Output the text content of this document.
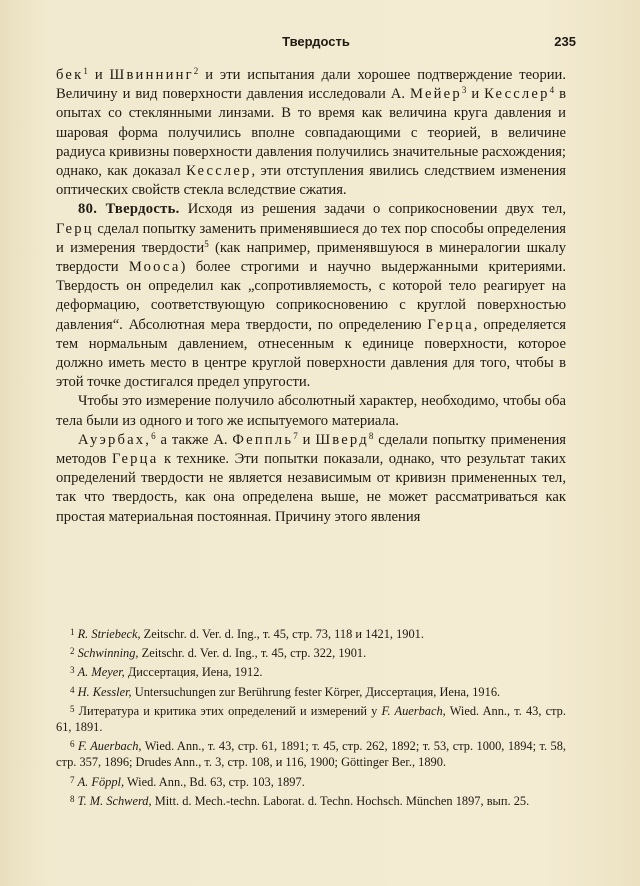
Твердость	235

бек$^1$ и Швиннинг$^2$ и эти испытания дали хорошее подтверждение теории. Величину и вид поверхности давления исследовали А. Мейер$^3$ и Кесслер$^4$ в опытах со стеклянными линзами. В то время как величина круга давления и шаровая форма получились вполне совпадающими с теорией, в величине радиуса кривизны поверхности давления получились значительные расхождения; однако, как доказал Кесслер, эти отступления явились следствием изменения оптических свойств стекла вследствие сжатия.

80. Твердость. Исходя из решения задачи о соприкосновении двух тел, Герц сделал попытку заменить применявшиеся до тех пор способы определения и измерения твердости$^5$ (как например, применявшуюся в минералогии шкалу твердости Мооса) более строгими и научно выдержанными критериями. Твердость он определил как „сопротивляемость, с которой тело реагирует на деформацию, соответствующую соприкосновению с круглой поверхностью давления“. Абсолютная мера твердости, по определению Герцa, определяется тем нормальным давлением, отнесенным к единице поверхности, которое должно иметь место в центре круглой поверхности давления для того, чтобы в этой точке достигался предел упругости.

Чтобы это измерение получило абсолютный характер, необходимо, чтобы оба тела были из одного и того же испытуемого материала.

Ауэрбах,$^6$ а также А. Феппль$^7$ и Шверд$^8$ сделали попытку применения методов Герцa к технике. Эти попытки показали, однако, что результат таких определений твердости не является независимым от кривизн примененных тел, так что твердость, как она определена выше, не может рассматриваться как простая материальная постоянная. Причину этого явления

$^1$ R. Striebeck, Zeitschr. d. Ver. d. Ing., т. 45, стр. 73, 118 и 1421, 1901.

$^2$ Schwinning, Zeitschr. d. Ver. d. Ing., т. 45, стр. 322, 1901.

$^3$ A. Meyer, Диссертация, Иена, 1912.

$^4$ H. Kessler, Untersuchungen zur Berührung fester Körper, Диссертация, Иена, 1916.

$^5$ Литература и критика этих определений и измерений у F. Auerbach, Wied. Ann., т. 43, стр. 61, 1891.

$^6$ F. Auerbach, Wied. Ann., т. 43, стр. 61, 1891; т. 45, стр. 262, 1892; т. 53, стр. 1000, 1894; т. 58, стр. 357, 1896; Drudes Ann., т. 3, стр. 108, и 116, 1900; Göttinger Ber., 1890.

$^7$ A. Föppl, Wied. Ann., Bd. 63, стр. 103, 1897.

$^8$ T. M. Schwerd, Mitt. d. Mech.-techn. Laborat. d. Techn. Hochsch. München 1897, вып. 25.
